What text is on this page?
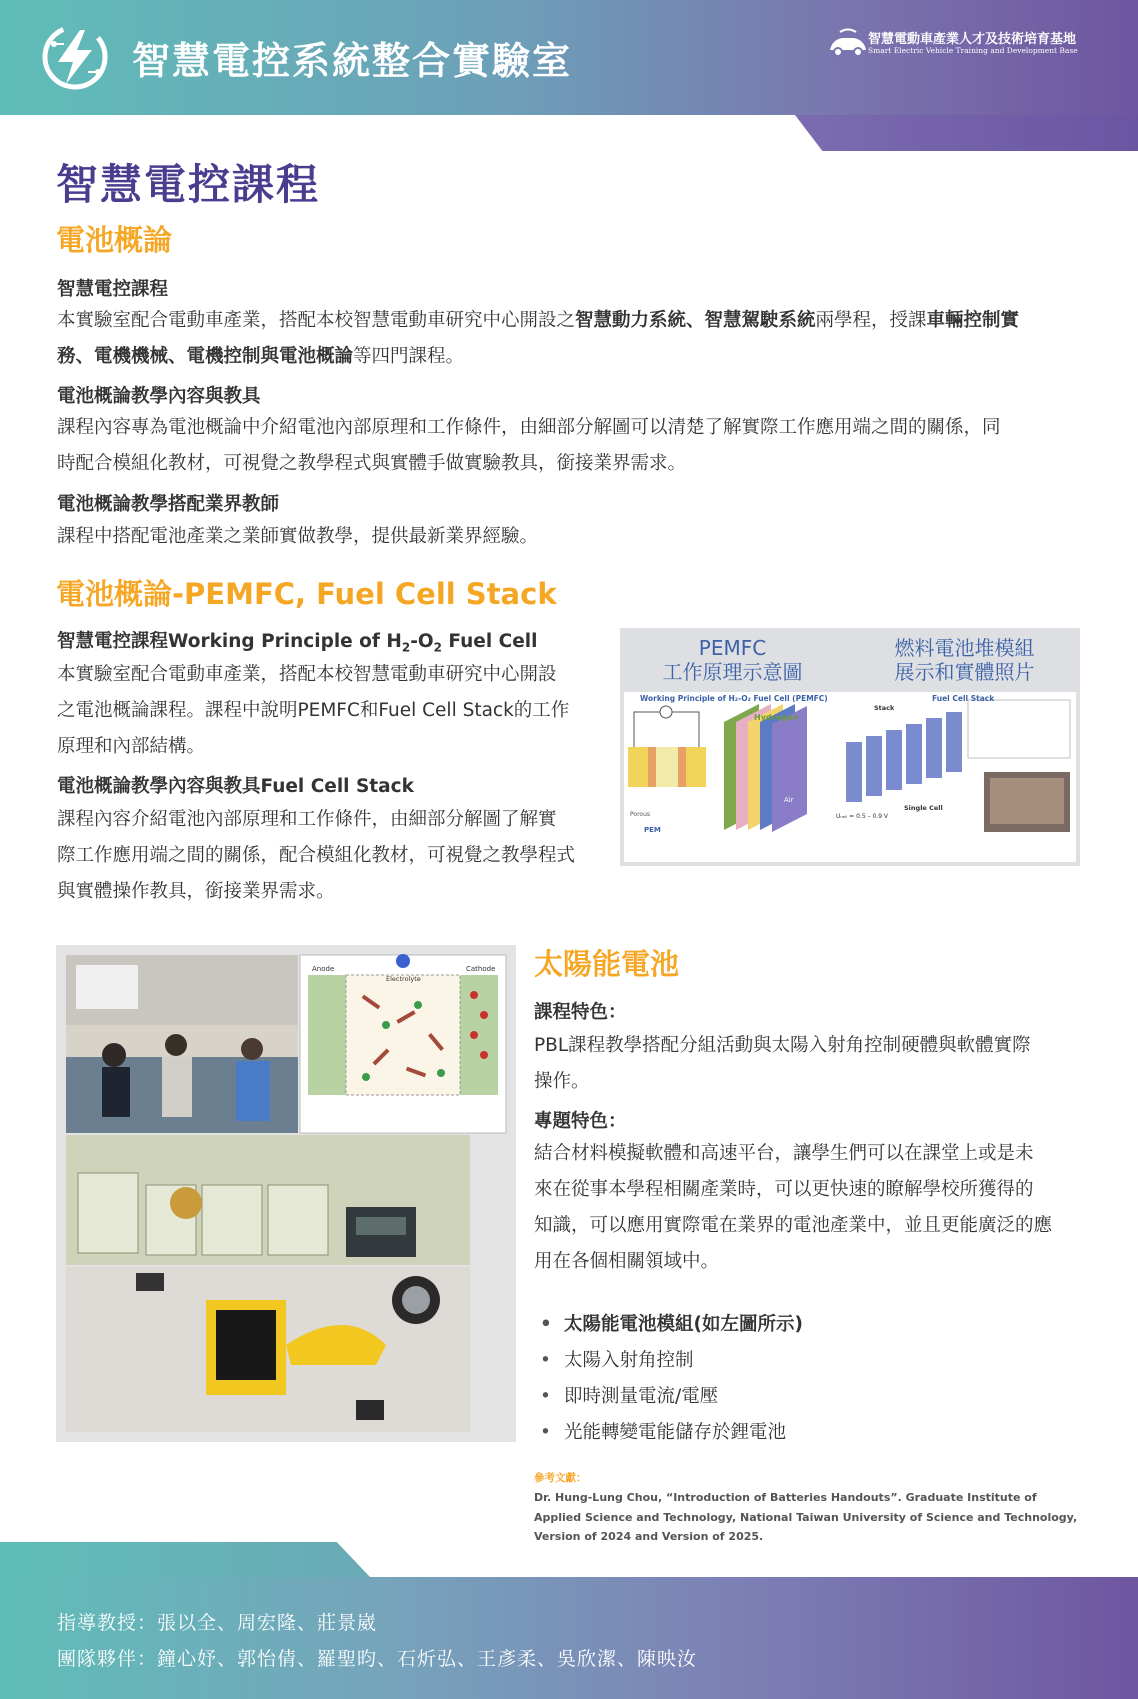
智慧電控系統整合實驗室	智慧電動車產業人才及技術培育基地
Smart Electric Vehicle Training and Development Base
智慧電控課程
電池概論
智慧電控課程
本實驗室配合電動車產業，搭配本校智慧電動車研究中心開設之智慧動力系統、智慧駕駛系統兩學程，授課車輛控制實
務、電機機械、電機控制與電池概論等四門課程。
電池概論教學內容與教具
課程內容專為電池概論中介紹電池內部原理和工作條件，由細部分解圖可以清楚了解實際工作應用端之間的關係，同
時配合模組化教材，可視覺之教學程式與實體手做實驗教具，銜接業界需求。
電池概論教學搭配業界教師
課程中搭配電池產業之業師實做教學，提供最新業界經驗。
電池概論-PEMFC, Fuel Cell Stack
智慧電控課程Working Principle of $H_2-O_2$ Fuel Cell
本實驗室配合電動車產業，搭配本校智慧電動車研究中心開設
之電池概論課程。課程中說明PEMFC和Fuel Cell Stack的工作
原理和內部結構。
電池概論教學內容與教具Fuel Cell Stack
課程內容介紹電池內部原理和工作條件，由細部分解圖了解實
際工作應用端之間的關係，配合模組化教材，可視覺之教學程式
與實體操作教具，銜接業界需求。
PEMFC
工作原理示意圖
燃料電池堆模組
展示和實體照片
Porous
PEM
Hydrogen
Air
Stack
Uₙₑₗₗ = 0.5 – 0.9 V
Single Cell
Working Principle of H₂-O₂ Fuel Cell (PEMFC)	Fuel Cell Stack
Anode	Cathode
Electrolyte	太陽能電池
課程特色：
PBL課程教學搭配分組活動與太陽入射角控制硬體與軟體實際
操作。
專題特色：
結合材料模擬軟體和高速平台，讓學生們可以在課堂上或是未
來在從事本學程相關產業時，可以更快速的瞭解學校所獲得的
知識，可以應用實際電在業界的電池產業中，並且更能廣泛的應
用在各個相關領域中。
• 太陽能電池模組(如左圖所示)
• 太陽入射角控制
• 即時測量電流/電壓
• 光能轉變電能儲存於鋰電池
參考文獻：
Dr. Hung-Lung Chou, “Introduction of Batteries Handouts”. Graduate Institute of Applied Science and Technology, National Taiwan University of Science and Technology, Version of 2024 and Version of 2025.
指導教授：張以全、周宏隆、莊景崴
團隊夥伴：鐘心妤、郭怡倩、羅聖昀、石炘弘、王彥柔、吳欣潔、陳映汝
